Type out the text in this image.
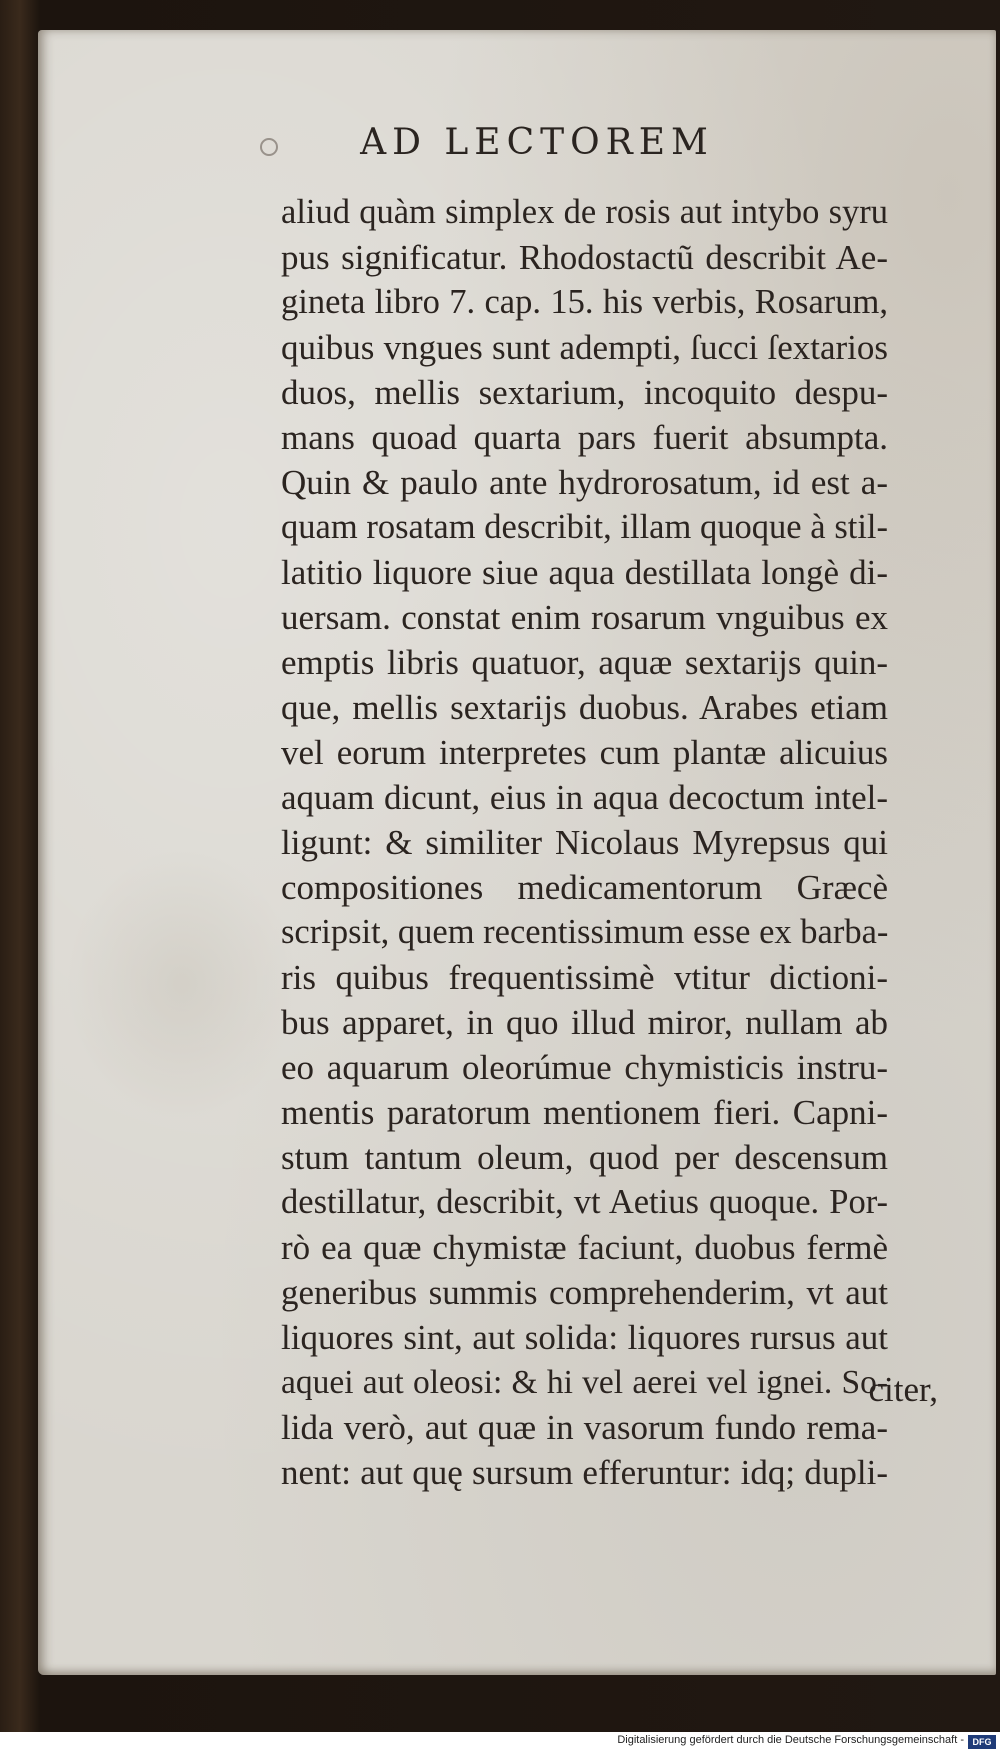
AD LECTOREM
aliud quàm simplex de rosis aut intybo syru
pus significatur. Rhodostactũ describit Ae-
gineta libro 7. cap. 15. his verbis, Rosarum,
quibus vngues sunt adempti, ſucci ſextarios
duos, mellis sextarium, incoquito despu-
mans quoad quarta pars fuerit absumpta.
Quin & paulo ante hydrorosatum, id est a-
quam rosatam describit, illam quoque à stil-
latitio liquore siue aqua destillata longè di-
uersam. constat enim rosarum vnguibus ex
emptis libris quatuor, aquæ sextarijs quin-
que, mellis sextarijs duobus. Arabes etiam
vel eorum interpretes cum plantæ alicuius
aquam dicunt, eius in aqua decoctum intel-
ligunt: & similiter Nicolaus Myrepsus qui
compositiones medicamentorum Græcè
scripsit, quem recentissimum esse ex barba-
ris quibus frequentissimè vtitur dictioni-
bus apparet, in quo illud miror, nullam ab
eo aquarum oleorúmue chymisticis instru-
mentis paratorum mentionem fieri. Capni-
stum tantum oleum, quod per descensum
destillatur, describit, vt Aetius quoque. Por-
rò ea quæ chymistæ faciunt, duobus fermè
generibus summis comprehenderim, vt aut
liquores sint, aut solida: liquores rursus aut
aquei aut oleosi: & hi vel aerei vel ignei. So-
lida verò, aut quæ in vasorum fundo rema-
nent: aut quę sursum efferuntur: idq; dupli-
citer,
Digitalisierung gefördert durch die Deutsche Forschungsgemeinschaft - DFG
